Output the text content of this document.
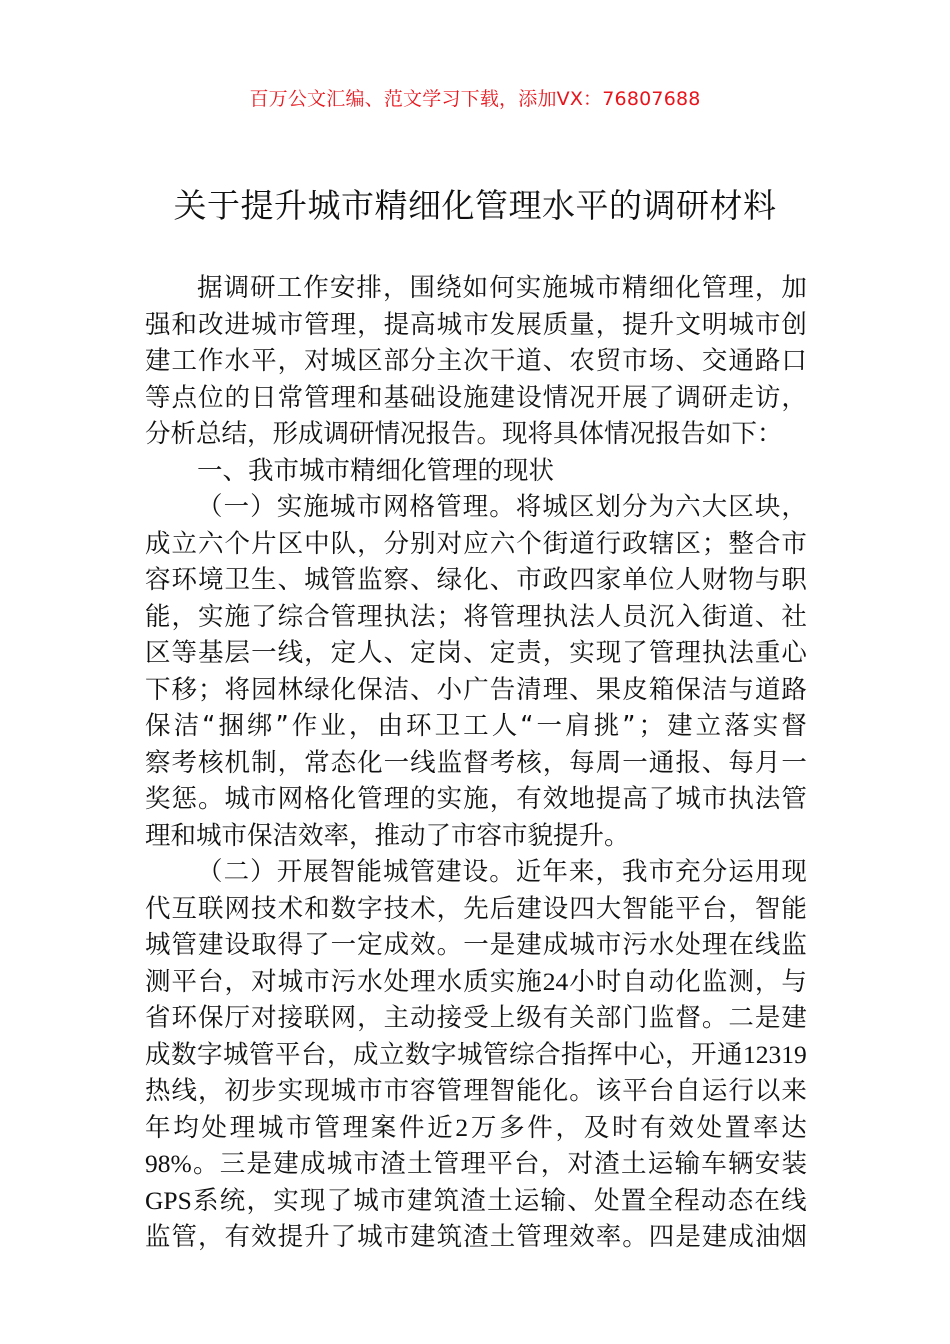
百万公文汇编、范文学习下载，添加VX：76807688
关于提升城市精细化管理水平的调研材料
据 调 研 工 作 安 排 ， 围 绕 如 何 实 施 城 市 精 细 化 管 理 ， 加
强 和 改 进 城 市 管 理 ， 提 高 城 市 发 展 质 量 ， 提 升 文 明 城 市 创
建 工 作 水 平 ， 对 城 区 部 分 主 次 干 道 、 农 贸 市 场 、 交 通 路 口
等 点 位 的 日 常 管 理 和 基 础 设 施 建 设 情 况 开 展 了 调 研 走 访 ，
分析总结，形成调研情况报告。现将具体情况报告如下：
一、我市城市精细化管理的现状
（ 一 ） 实 施 城 市 网 格 管 理 。 将 城 区 划 分 为 六 大 区 块 ，
成 立 六 个 片 区 中 队 ， 分 别 对 应 六 个 街 道 行 政 辖 区 ； 整 合 市
容 环 境 卫 生 、 城 管 监 察 、 绿 化 、 市 政 四 家 单 位 人 财 物 与 职
能 ， 实 施 了 综 合 管 理 执 法 ； 将 管 理 执 法 人 员 沉 入 街 道 、 社
区 等 基 层 一 线 ， 定 人 、 定 岗 、 定 责 ， 实 现 了 管 理 执 法 重 心
下 移 ； 将 园 林 绿 化 保 洁 、 小 广 告 清 理 、 果 皮 箱 保 洁 与 道 路
保 洁 “ 捆 绑 ” 作 业 ， 由 环 卫 工 人 “ 一 肩 挑 ” ； 建 立 落 实 督
察 考 核 机 制 ， 常 态 化 一 线 监 督 考 核 ， 每 周 一 通 报 、 每 月 一
奖 惩 。 城 市 网 格 化 管 理 的 实 施 ， 有 效 地 提 高 了 城 市 执 法 管
理和城市保洁效率，推动了市容市貌提升。
（ 二 ） 开 展 智 能 城 管 建 设 。 近 年 来 ， 我 市 充 分 运 用 现
代 互 联 网 技 术 和 数 字 技 术 ， 先 后 建 设 四 大 智 能 平 台 ， 智 能
城 管 建 设 取 得 了 一 定 成 效 。 一 是 建 成 城 市 污 水 处 理 在 线 监
测 平 台 ， 对 城 市 污 水 处 理 水 质 实 施 24 小 时 自 动 化 监 测 ， 与
省 环 保 厅 对 接 联 网 ， 主 动 接 受 上 级 有 关 部 门 监 督 。 二 是 建
成 数 字 城 管 平 台 ， 成 立 数 字 城 管 综 合 指 挥 中 心 ， 开 通 12319
热 线 ， 初 步 实 现 城 市 市 容 管 理 智 能 化 。 该 平 台 自 运 行 以 来
年 均 处 理 城 市 管 理 案 件 近 2 万 多 件 ， 及 时 有 效 处 置 率 达
98% 。 三 是 建 成 城 市 渣 土 管 理 平 台 ， 对 渣 土 运 输 车 辆 安 装
GPS 系 统 ， 实 现 了 城 市 建 筑 渣 土 运 输 、 处 置 全 程 动 态 在 线
监 管 ， 有 效 提 升 了 城 市 建 筑 渣 土 管 理 效 率 。 四 是 建 成 油 烟
